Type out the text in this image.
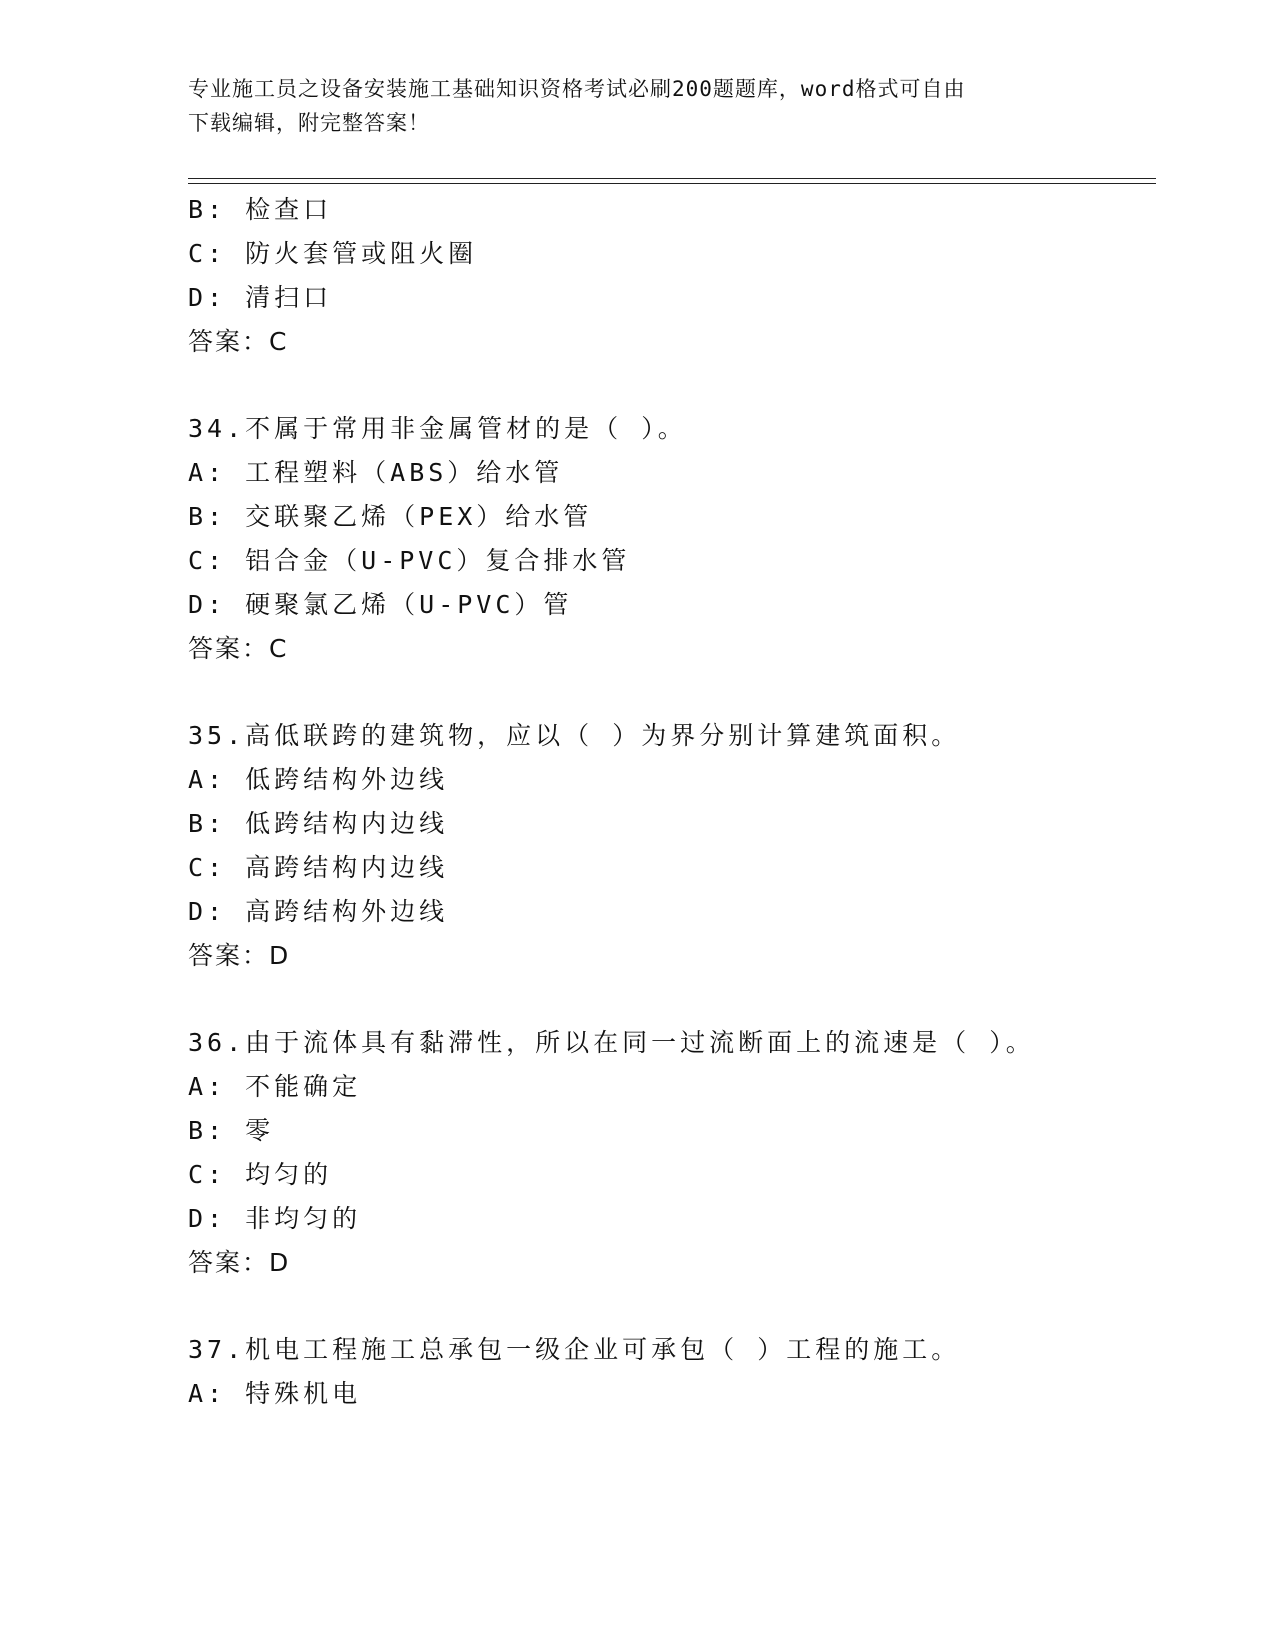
专业施工员之设备安装施工基础知识资格考试必刷200题题库，word格式可自由
下载编辑，附完整答案！
B: 检查口
C: 防火套管或阻火圈
D: 清扫口
答案：C
34.不属于常用非金属管材的是（ ）。
A: 工程塑料（ABS）给水管
B: 交联聚乙烯（PEX）给水管
C: 铝合金（U-PVC）复合排水管
D: 硬聚氯乙烯（U-PVC）管
答案：C
35.高低联跨的建筑物，应以（ ）为界分别计算建筑面积。
A: 低跨结构外边线
B: 低跨结构内边线
C: 高跨结构内边线
D: 高跨结构外边线
答案：D
36.由于流体具有黏滞性，所以在同一过流断面上的流速是（ ）。
A: 不能确定
B: 零
C: 均匀的
D: 非均匀的
答案：D
37.机电工程施工总承包一级企业可承包（ ）工程的施工。
A: 特殊机电
